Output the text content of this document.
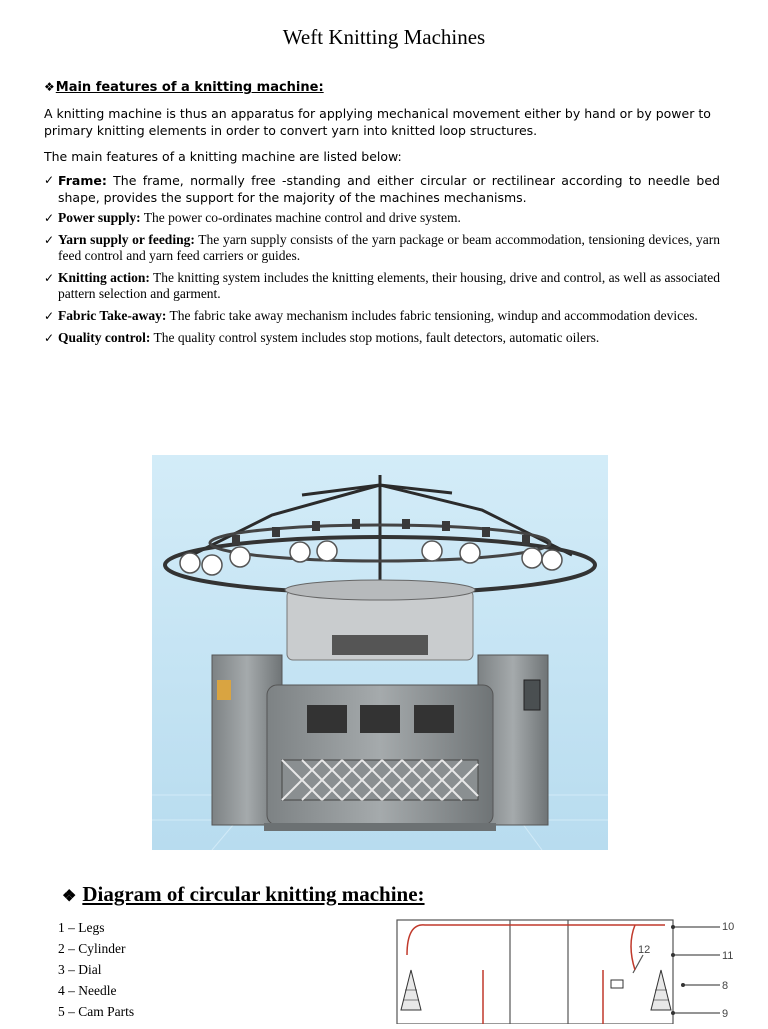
Weft Knitting Machines
❖Main features of a knitting machine:

A knitting machine is thus an apparatus for applying mechanical movement either by hand or by power to primary knitting elements in order to convert yarn into knitted loop structures.

The main features of a knitting machine are listed below:

✓ Frame: The frame, normally free -standing and either circular or rectilinear according to needle bed shape, provides the support for the majority of the machines mechanisms.
✓ Power supply: The power co-ordinates machine control and drive system.
✓ Yarn supply or feeding: The yarn supply consists of the yarn package or beam accommodation, tensioning devices, yarn feed control and yarn feed carriers or guides.
✓ Knitting action: The knitting system includes the knitting elements, their housing, drive and control, as well as associated pattern selection and garment.
✓ Fabric Take-away: The fabric take away mechanism includes fabric tensioning, windup and accommodation devices.
✓ Quality control: The quality control system includes stop motions, fault detectors, automatic oilers.
❖ Diagram of circular knitting machine:
1 – Legs
2 – Cylinder
3 – Dial
4 – Needle
5 – Cam Parts
10
11
12
8
9
